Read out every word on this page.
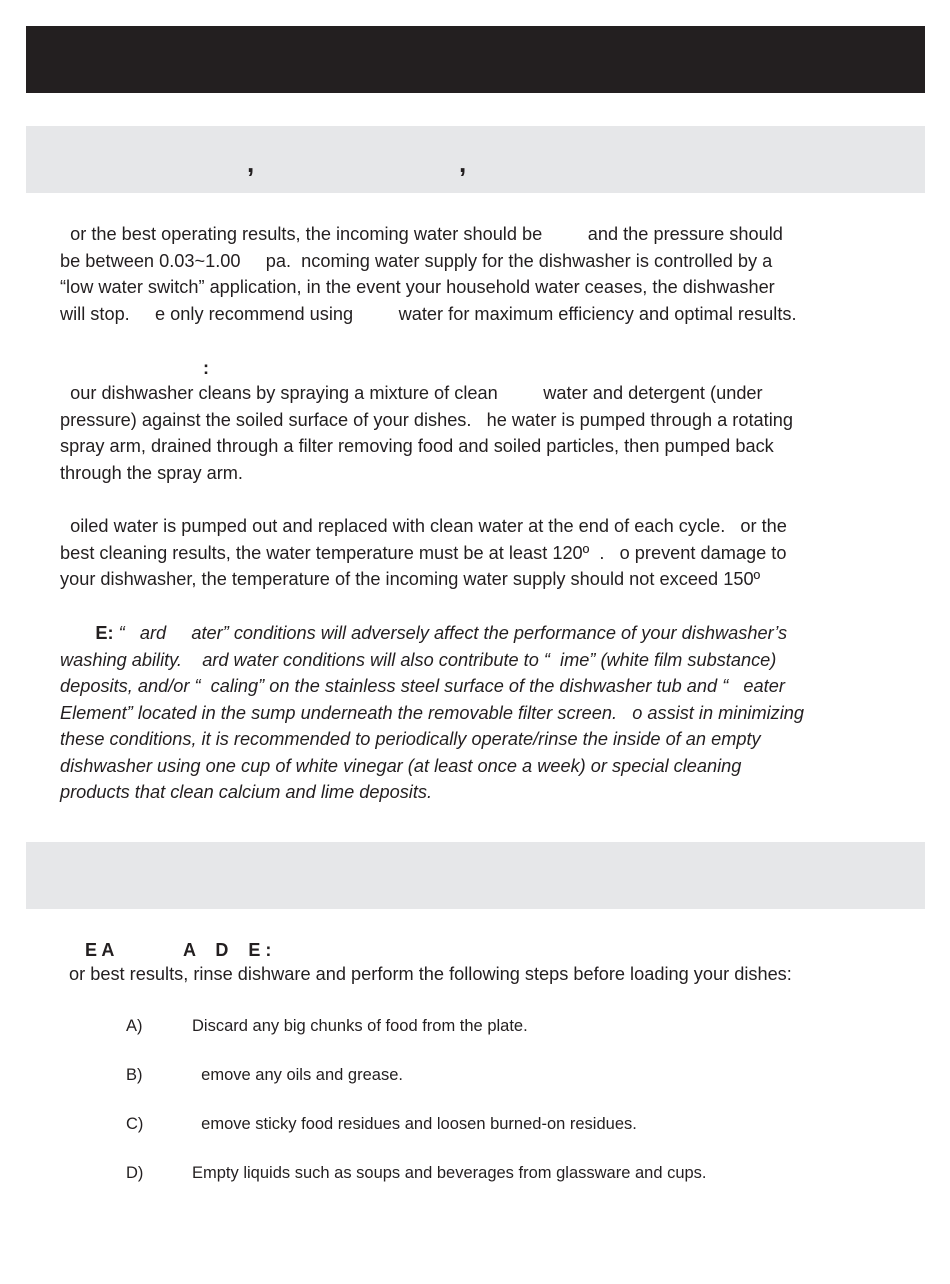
,	,
or the best operating results, the incoming water should be         and the pressure should
be between 0.03~1.00     pa.  ncoming water supply for the dishwasher is controlled by a
“low water switch” application, in the event your household water ceases, the dishwasher
will stop.     e only recommend using         water for maximum efficiency and optimal results.
:
our dishwasher cleans by spraying a mixture of clean         water and detergent (under
pressure) against the soiled surface of your dishes.   he water is pumped through a rotating
spray arm, drained through a filter removing food and soiled particles, then pumped back
through the spray arm.
oiled water is pumped out and replaced with clean water at the end of each cycle.   or the
best cleaning results, the water temperature must be at least 120º  .   o prevent damage to
your dishwasher, the temperature of the incoming water supply should not exceed 150º
E: “   ard     ater” conditions will adversely affect the performance of your dishwasher’s
washing ability.    ard water conditions will also contribute to “  ime” (white film substance)
deposits, and/or “  caling” on the stainless steel surface of the dishwasher tub and “   eater
Element” located in the sump underneath the removable filter screen.   o assist in minimizing
these conditions, it is recommended to periodically operate/rinse the inside of an empty
dishwasher using one cup of white vinegar (at least once a week) or special cleaning
products that clean calcium and lime deposits.
E A              A    D    E :
or best results, rinse dishware and perform the following steps before loading your dishes:
A)	Discard any big chunks of food from the plate.
B)	emove any oils and grease.
C)	emove sticky food residues and loosen burned-on residues.
D)	Empty liquids such as soups and beverages from glassware and cups.
